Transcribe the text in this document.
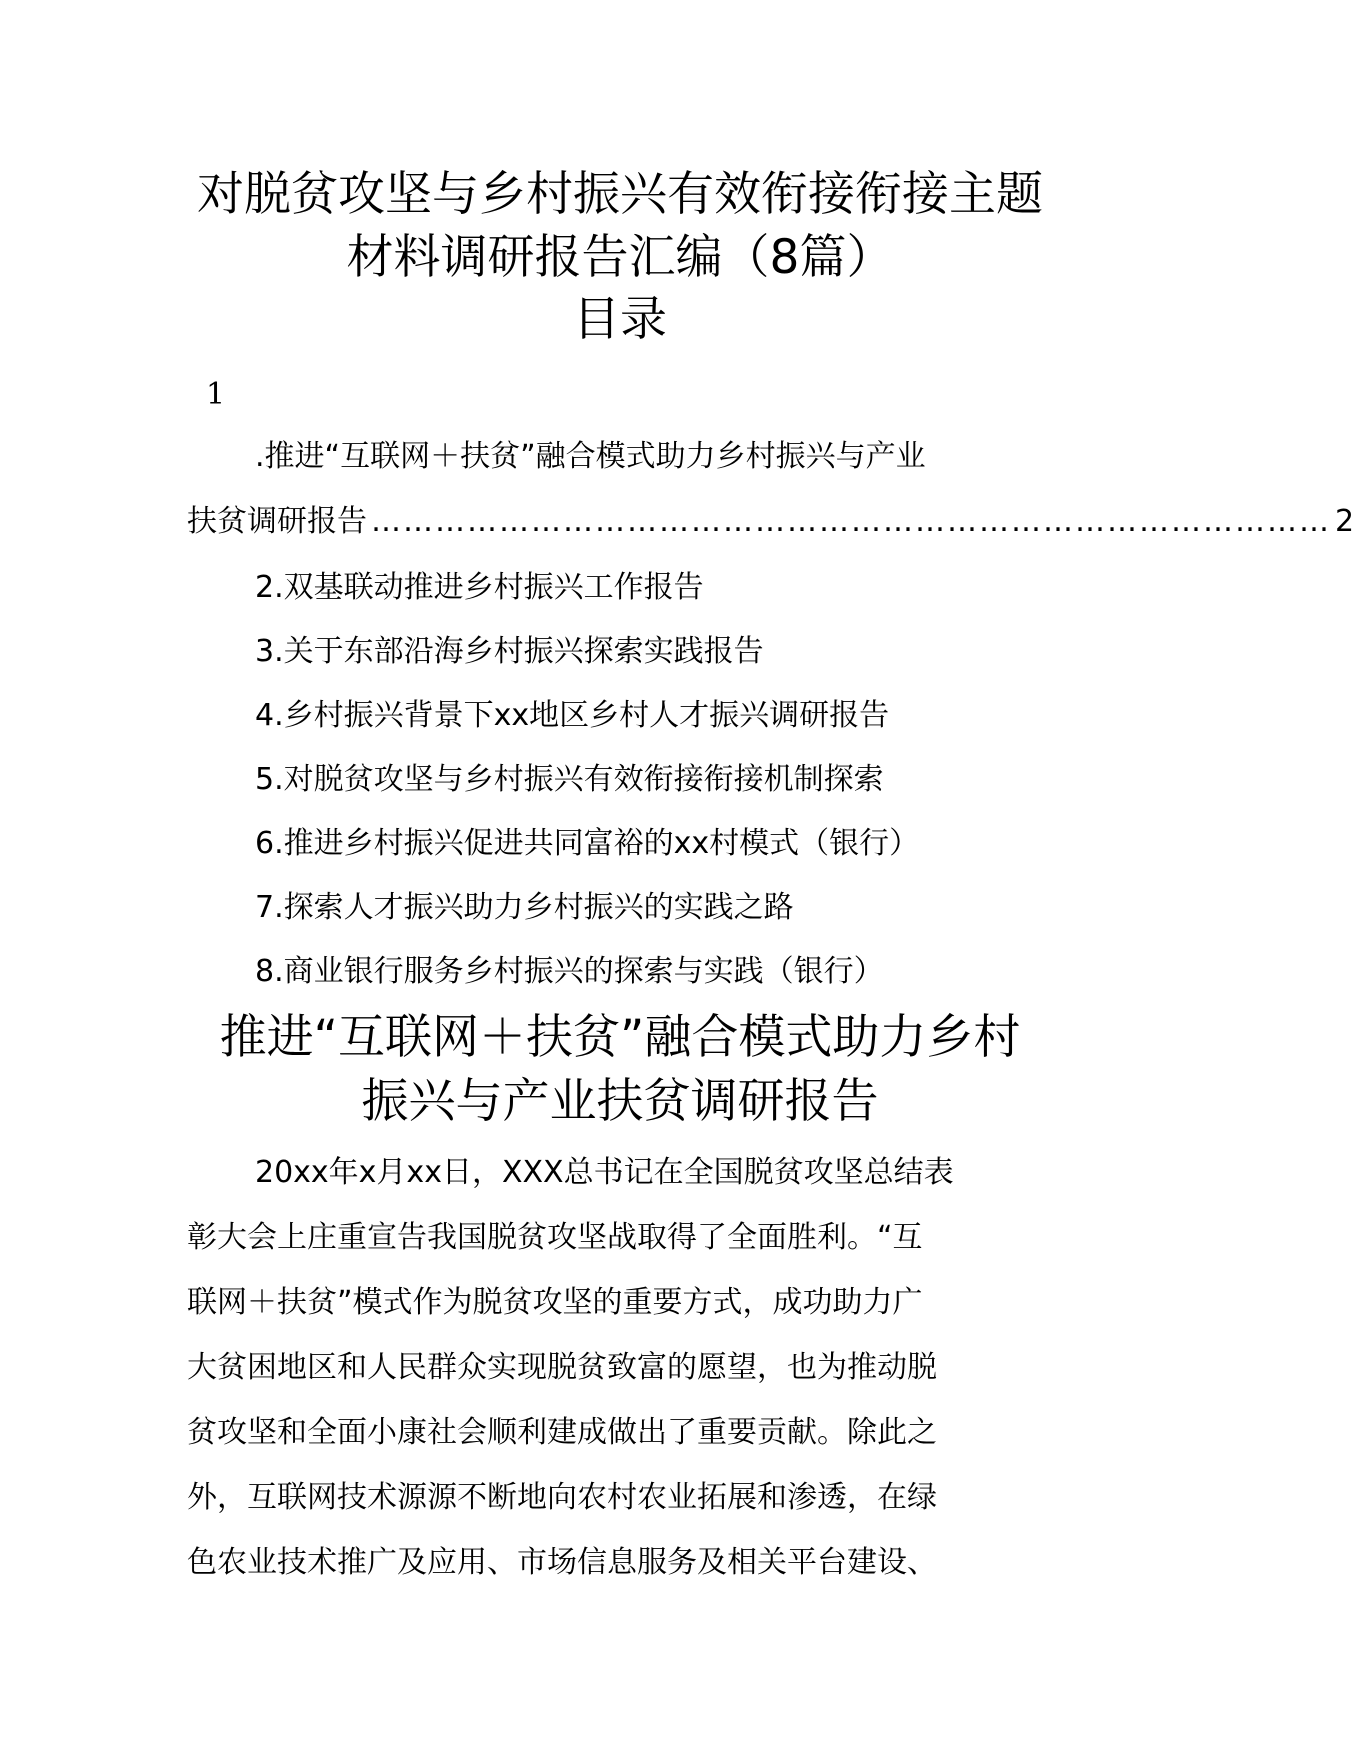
对脱贫攻坚与乡村振兴有效衔接衔接主题
材料调研报告汇编（8篇）
目录
1
.推进“互联网＋扶贫”融合模式助力乡村振兴与产业
扶贫调研报告 ……………………………………………………………………………… 2
2.双基联动推进乡村振兴工作报告
3.关于东部沿海乡村振兴探索实践报告
4.乡村振兴背景下xx地区乡村人才振兴调研报告
5.对脱贫攻坚与乡村振兴有效衔接衔接机制探索
6.推进乡村振兴促进共同富裕的xx村模式（银行）
7.探索人才振兴助力乡村振兴的实践之路
8.商业银行服务乡村振兴的探索与实践（银行）
推进“互联网＋扶贫”融合模式助力乡村
振兴与产业扶贫调研报告
20xx年x月xx日，XXX总书记在全国脱贫攻坚总结表
彰大会上庄重宣告我国脱贫攻坚战取得了全面胜利。“互
联网＋扶贫”模式作为脱贫攻坚的重要方式，成功助力广
大贫困地区和人民群众实现脱贫致富的愿望，也为推动脱
贫攻坚和全面小康社会顺利建成做出了重要贡献。除此之
外，互联网技术源源不断地向农村农业拓展和渗透，在绿
色农业技术推广及应用、市场信息服务及相关平台建设、
